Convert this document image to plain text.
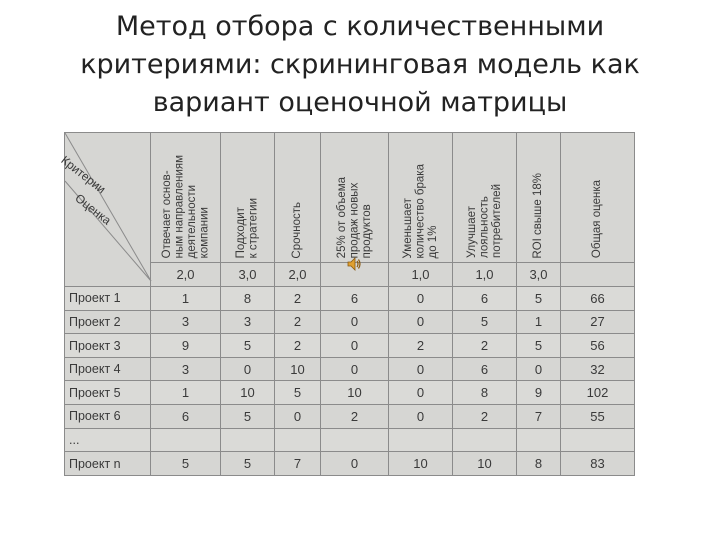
Метод отбора с количественными критериями: скрининговая модель как вариант оценочной матрицы
Критерии
Оценка	Отвечает основ-
ным направлениям
деятельности
компании	Подходит
к стратегии	Срочность	25% от объема
продаж новых
продуктов	Уменьшает
количество брака
до 1%	Улучшает
лояльность
потребителей	ROI свыше 18%	Общая оценка

	2,0	3,0	2,0		1,0	1,0	3,0	
Проект 1	1	8	2	6	0	6	5	66
Проект 2	3	3	2	0	0	5	1	27
Проект 3	9	5	2	0	2	2	5	56
Проект 4	3	0	10	0	0	6	0	32
Проект 5	1	10	5	10	0	8	9	102
Проект 6	6	5	0	2	0	2	7	55
...								
Проект n	5	5	7	0	10	10	8	83
